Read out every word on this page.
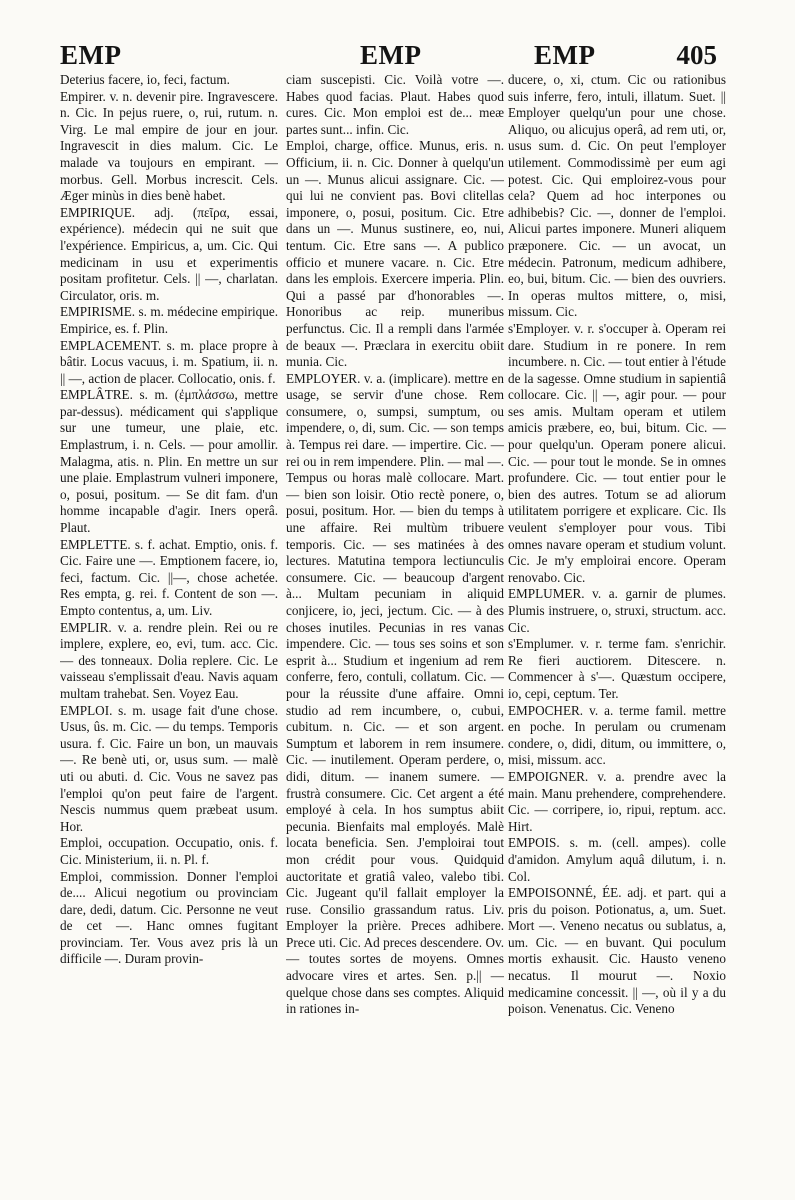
EMP	EMP	EMP	405

Deterius facere, io, feci, factum.

Empirer. v. n. devenir pire. Ingravescere. n. Cic. In pejus ruere, o, rui, rutum. n. Virg. Le mal empire de jour en jour. Ingravescit in dies malum. Cic. Le malade va toujours en empirant. — morbus. Gell. Morbus increscit. Cels. Æger minùs in dies benè habet.

EMPIRIQUE. adj. (πεῖρα, essai, expérience). médecin qui ne suit que l'expérience. Empiricus, a, um. Cic. Qui medicinam in usu et experimentis positam profitetur. Cels. || —, charlatan. Circulator, oris. m.

EMPIRISME. s. m. médecine empirique. Empirice, es. f. Plin.

EMPLACEMENT. s. m. place propre à bâtir. Locus vacuus, i. m. Spatium, ii. n. || —, action de placer. Collocatio, onis. f.

EMPLÂTRE. s. m. (ἐμπλάσσω, mettre par-dessus). médicament qui s'applique sur une tumeur, une plaie, etc. Emplastrum, i. n. Cels. — pour amollir. Malagma, atis. n. Plin. En mettre un sur une plaie. Emplastrum vulneri imponere, o, posui, positum. — Se dit fam. d'un homme incapable d'agir. Iners operâ. Plaut.

EMPLETTE. s. f. achat. Emptio, onis. f. Cic. Faire une —. Emptionem facere, io, feci, factum. Cic. ||—, chose achetée. Res empta, g. rei. f. Content de son —. Empto contentus, a, um. Liv.

EMPLIR. v. a. rendre plein. Rei ou re implere, explere, eo, evi, tum. acc. Cic. — des tonneaux. Dolia replere. Cic. Le vaisseau s'emplissait d'eau. Navis aquam multam trahebat. Sen. Voyez Eau.

EMPLOI. s. m. usage fait d'une chose. Usus, ûs. m. Cic. — du temps. Temporis usura. f. Cic. Faire un bon, un mauvais —. Re benè uti, or, usus sum. — malè uti ou abuti. d. Cic. Vous ne savez pas l'emploi qu'on peut faire de l'argent. Nescis nummus quem præbeat usum. Hor.

Emploi, occupation. Occupatio, onis. f. Cic. Ministerium, ii. n. Pl. f.

Emploi, commission. Donner l'emploi de.... Alicui negotium ou provinciam dare, dedi, datum. Cic. Personne ne veut de cet —. Hanc omnes fugitant provinciam. Ter. Vous avez pris là un difficile —. Duram provin-

ciam suscepisti. Cic. Voilà votre —. Habes quod facias. Plaut. Habes quod cures. Cic. Mon emploi est de... meæ partes sunt... infin. Cic.

Emploi, charge, office. Munus, eris. n. Officium, ii. n. Cic. Donner à quelqu'un un —. Munus alicui assignare. Cic. — qui lui ne convient pas. Bovi clitellas imponere, o, posui, positum. Cic. Etre dans un —. Munus sustinere, eo, nui, tentum. Cic. Etre sans —. A publico officio et munere vacare. n. Cic. Etre dans les emplois. Exercere imperia. Plin. Qui a passé par d'honorables —. Honoribus ac reip. muneribus perfunctus. Cic. Il a rempli dans l'armée de beaux —. Præclara in exercitu obiit munia. Cic.

EMPLOYER. v. a. (implicare). mettre en usage, se servir d'une chose. Rem consumere, o, sumpsi, sumptum, ou impendere, o, di, sum. Cic. — son temps à. Tempus rei dare. — impertire. Cic. — rei ou in rem impendere. Plin. — mal —. Tempus ou horas malè collocare. Mart. — bien son loisir. Otio rectè ponere, o, posui, positum. Hor. — bien du temps à une affaire. Rei multùm tribuere temporis. Cic. — ses matinées à des lectures. Matutina tempora lectiunculis consumere. Cic. — beaucoup d'argent à... Multam pecuniam in aliquid conjicere, io, jeci, jectum. Cic. — à des choses inutiles. Pecunias in res vanas impendere. Cic. — tous ses soins et son esprit à... Studium et ingenium ad rem conferre, fero, contuli, collatum. Cic. — pour la réussite d'une affaire. Omni studio ad rem incumbere, o, cubui, cubitum. n. Cic. — et son argent. Sumptum et laborem in rem insumere. Cic. — inutilement. Operam perdere, o, didi, ditum. — inanem sumere. — frustrà consumere. Cic. Cet argent a été employé à cela. In hos sumptus abiit pecunia. Bienfaits mal employés. Malè locata beneficia. Sen. J'emploirai tout mon crédit pour vous. Quidquid auctoritate et gratiâ valeo, valebo tibi. Cic. Jugeant qu'il fallait employer la ruse. Consilio grassandum ratus. Liv. Employer la prière. Preces adhibere. Prece uti. Cic. Ad preces descendere. Ov. — toutes sortes de moyens. Omnes advocare vires et artes. Sen. p.|| — quelque chose dans ses comptes. Aliquid in rationes in-

ducere, o, xi, ctum. Cic ou rationibus suis inferre, fero, intuli, illatum. Suet. || Employer quelqu'un pour une chose. Aliquo, ou alicujus operâ, ad rem uti, or, usus sum. d. Cic. On peut l'employer utilement. Commodissimè per eum agi potest. Cic. Qui emploirez-vous pour cela? Quem ad hoc interpones ou adhibebis? Cic. —, donner de l'emploi. Alicui partes imponere. Muneri aliquem præponere. Cic. — un avocat, un médecin. Patronum, medicum adhibere, eo, bui, bitum. Cic. — bien des ouvriers. In operas multos mittere, o, misi, missum. Cic.

s'Employer. v. r. s'occuper à. Operam rei dare. Studium in re ponere. In rem incumbere. n. Cic. — tout entier à l'étude de la sagesse. Omne studium in sapientiâ collocare. Cic. || —, agir pour. — pour ses amis. Multam operam et utilem amicis præbere, eo, bui, bitum. Cic. — pour quelqu'un. Operam ponere alicui. Cic. — pour tout le monde. Se in omnes profundere. Cic. — tout entier pour le bien des autres. Totum se ad aliorum utilitatem porrigere et explicare. Cic. Ils veulent s'employer pour vous. Tibi omnes navare operam et studium volunt. Cic. Je m'y emploirai encore. Operam renovabo. Cic.

EMPLUMER. v. a. garnir de plumes. Plumis instruere, o, struxi, structum. acc. Cic.

s'Emplumer. v. r. terme fam. s'enrichir. Re fieri auctiorem. Ditescere. n. Commencer à s'—. Quæstum occipere, io, cepi, ceptum. Ter.

EMPOCHER. v. a. terme famil. mettre en poche. In perulam ou crumenam condere, o, didi, ditum, ou immittere, o, misi, missum. acc.

EMPOIGNER. v. a. prendre avec la main. Manu prehendere, comprehendere. Cic. — corripere, io, ripui, reptum. acc. Hirt.

EMPOIS. s. m. (cell. ampes). colle d'amidon. Amylum aquâ dilutum, i. n. Col.

EMPOISONNÉ, ÉE. adj. et part. qui a pris du poison. Potionatus, a, um. Suet. Mort —. Veneno necatus ou sublatus, a, um. Cic. — en buvant. Qui poculum mortis exhausit. Cic. Hausto veneno necatus. Il mourut —. Noxio medicamine concessit. || —, où il y a du poison. Venenatus. Cic. Veneno
